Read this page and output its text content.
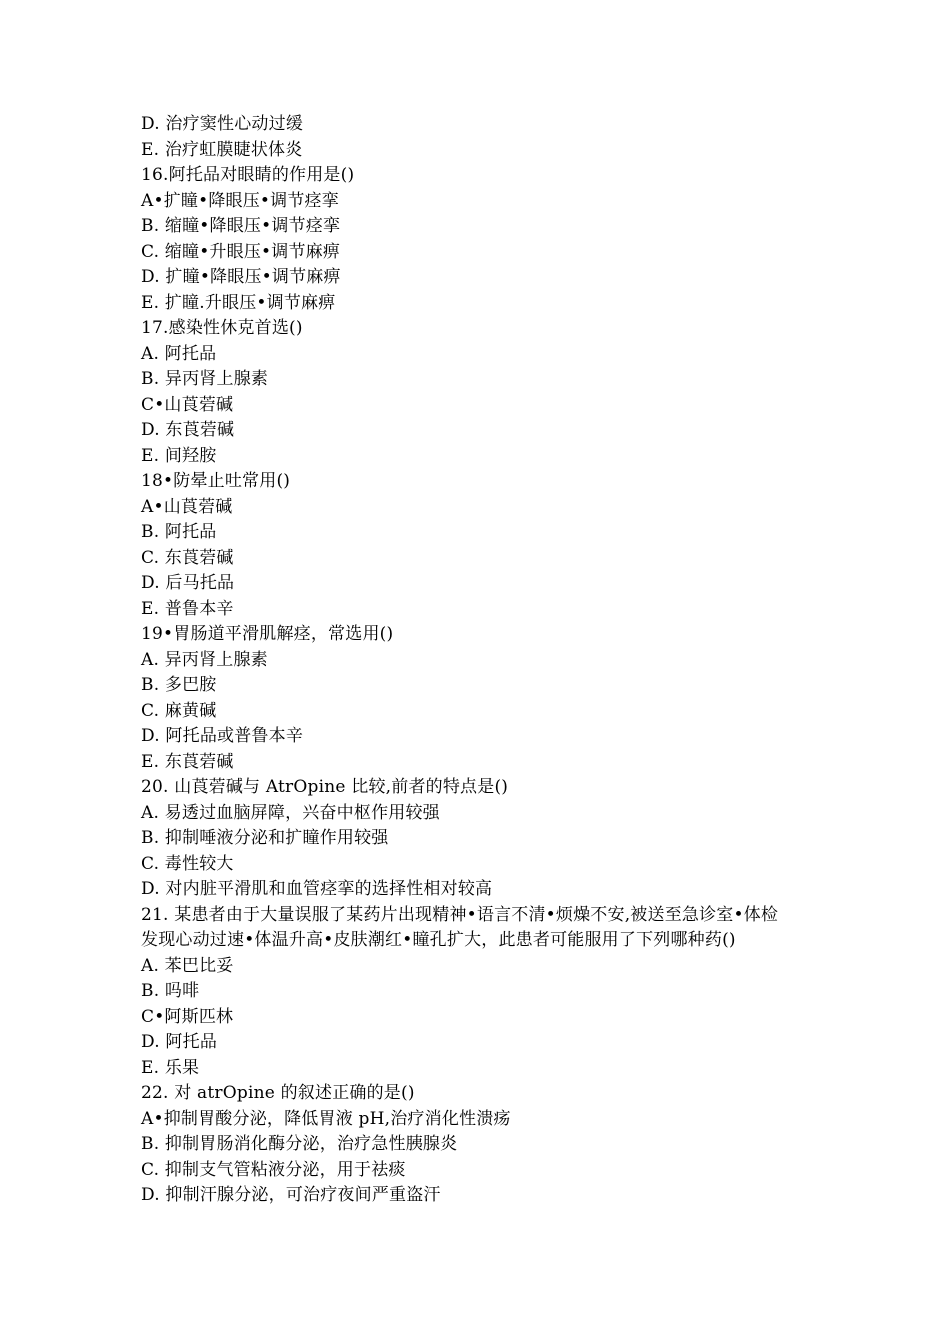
D. 治疗窦性心动过缓
E. 治疗虹膜睫状体炎
16.阿托品对眼睛的作用是()
A•扩瞳•降眼压•调节痉挛
B. 缩瞳•降眼压•调节痉挛
C. 缩瞳•升眼压•调节麻痹
D. 扩瞳•降眼压•调节麻痹
E. 扩瞳.升眼压•调节麻痹
17.感染性休克首选()
A. 阿托品
B. 异丙肾上腺素
C•山莨菪碱
D. 东莨菪碱
E. 间羟胺
18•防晕止吐常用()
A•山莨菪碱
B. 阿托品
C. 东莨菪碱
D. 后马托品
E. 普鲁本辛
19•胃肠道平滑肌解痉，常选用()
A. 异丙肾上腺素
B. 多巴胺
C. 麻黄碱
D. 阿托品或普鲁本辛
E. 东莨菪碱
20. 山莨菪碱与 AtrOpine 比较,前者的特点是()
A. 易透过血脑屏障，兴奋中枢作用较强
B. 抑制唾液分泌和扩瞳作用较强
C. 毒性较大
D. 对内脏平滑肌和血管痉挛的选择性相对较高
21. 某患者由于大量误服了某药片出现精神•语言不清•烦燥不安,被送至急诊室•体检
发现心动过速•体温升高•皮肤潮红•瞳孔扩大，此患者可能服用了下列哪种药()
A. 苯巴比妥
B. 吗啡
C•阿斯匹林
D. 阿托品
E. 乐果
22. 对 atrOpine 的叙述正确的是()
A•抑制胃酸分泌，降低胃液 pH,治疗消化性溃疡
B. 抑制胃肠消化酶分泌，治疗急性胰腺炎
C. 抑制支气管粘液分泌，用于祛痰
D. 抑制汗腺分泌，可治疗夜间严重盗汗
